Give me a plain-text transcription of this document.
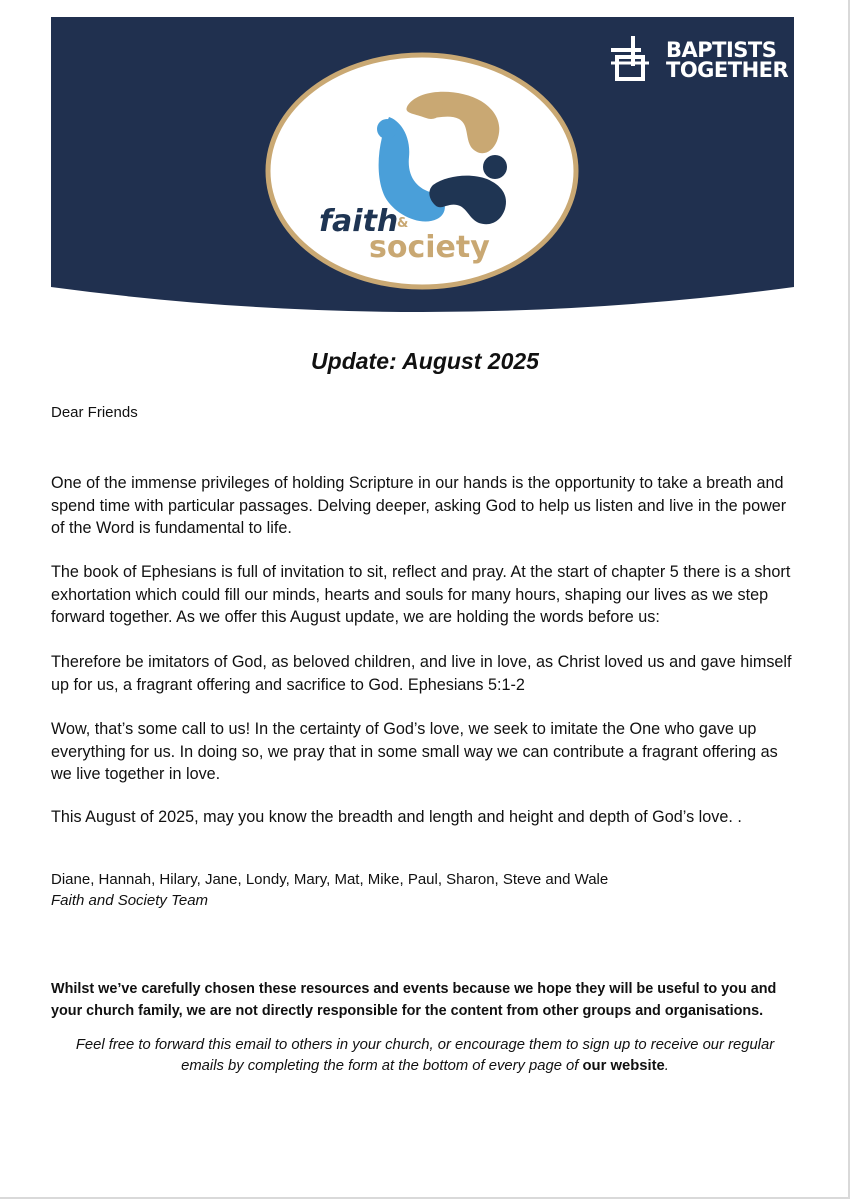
faith
&
society
BAPTISTS
TOGETHER
Update: August 2025
Dear Friends

One of the immense privileges of holding Scripture in our hands is the opportunity to take a breath and spend time with particular passages. Delving deeper, asking God to help us listen and live in the power of the Word is fundamental to life.

The book of Ephesians is full of invitation to sit, reflect and pray. At the start of chapter 5 there is a short exhortation which could fill our minds, hearts and souls for many hours, shaping our lives as we step forward together. As we offer this August update, we are holding the words before us:

Therefore be imitators of God, as beloved children, and live in love, as Christ loved us and gave himself up for us, a fragrant offering and sacrifice to God. Ephesians 5:1-2

Wow, that’s some call to us! In the certainty of God’s love, we seek to imitate the One who gave up everything for us. In doing so, we pray that in some small way we can contribute a fragrant offering as we live together in love.

This August of 2025, may you know the breadth and length and height and depth of God’s love. .

Diane, Hannah, Hilary, Jane, Londy, Mary, Mat, Mike, Paul, Sharon, Steve and Wale
Faith and Society Team
Whilst we’ve carefully chosen these resources and events because we hope they will be useful to you and your church family, we are not directly responsible for the content from other groups and organisations.
Feel free to forward this email to others in your church, or encourage them to sign up to receive our regular emails by completing the form at the bottom of every page of our website.
